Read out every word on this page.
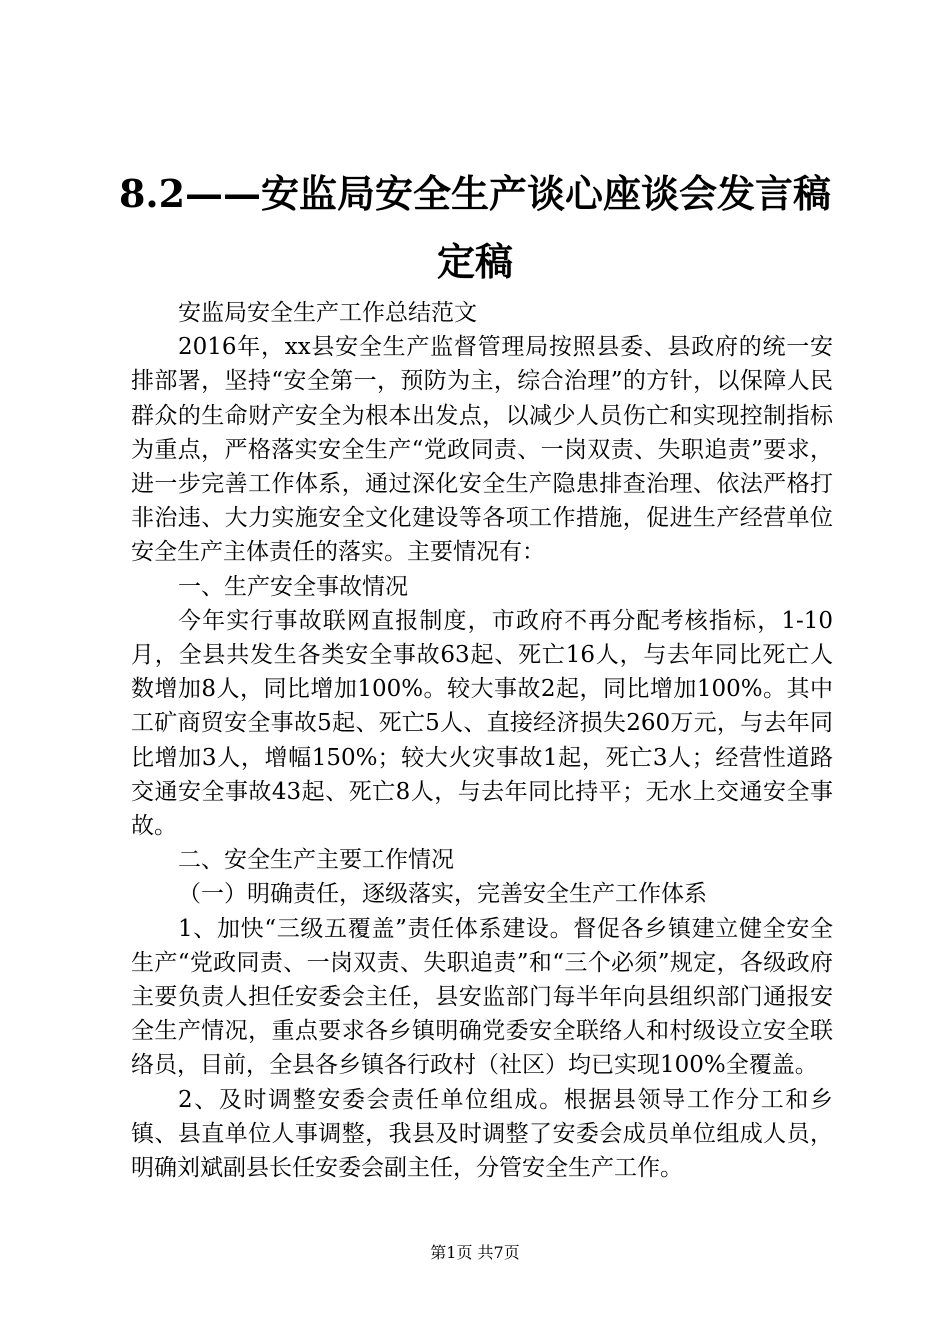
8.2——安监局安全生产谈心座谈会发言稿定稿

安监局安全生产工作总结范文

2016年，xx县安全生产监督管理局按照县委、县政府的统一安排部署，坚持“安全第一，预防为主，综合治理”的方针，以保障人民群众的生命财产安全为根本出发点，以减少人员伤亡和实现控制指标为重点，严格落实安全生产“党政同责、一岗双责、失职追责”要求，进一步完善工作体系，通过深化安全生产隐患排查治理、依法严格打非治违、大力实施安全文化建设等各项工作措施，促进生产经营单位安全生产主体责任的落实。主要情况有：

一、生产安全事故情况

今年实行事故联网直报制度，市政府不再分配考核指标，1-10月，全县共发生各类安全事故63起、死亡16人，与去年同比死亡人数增加8人，同比增加100%。较大事故2起，同比增加100%。其中工矿商贸安全事故5起、死亡5人、直接经济损失260万元，与去年同比增加3人，增幅150%；较大火灾事故1起，死亡3人；经营性道路交通安全事故43起、死亡8人，与去年同比持平；无水上交通安全事故。

二、安全生产主要工作情况

（一）明确责任，逐级落实，完善安全生产工作体系

1、加快“三级五覆盖”责任体系建设。督促各乡镇建立健全安全生产“党政同责、一岗双责、失职追责”和“三个必须”规定，各级政府主要负责人担任安委会主任，县安监部门每半年向县组织部门通报安全生产情况，重点要求各乡镇明确党委安全联络人和村级设立安全联络员，目前，全县各乡镇各行政村（社区）均已实现100%全覆盖。

2、及时调整安委会责任单位组成。根据县领导工作分工和乡镇、县直单位人事调整，我县及时调整了安委会成员单位组成人员，明确刘斌副县长任安委会副主任，分管安全生产工作。

第1页 共7页
